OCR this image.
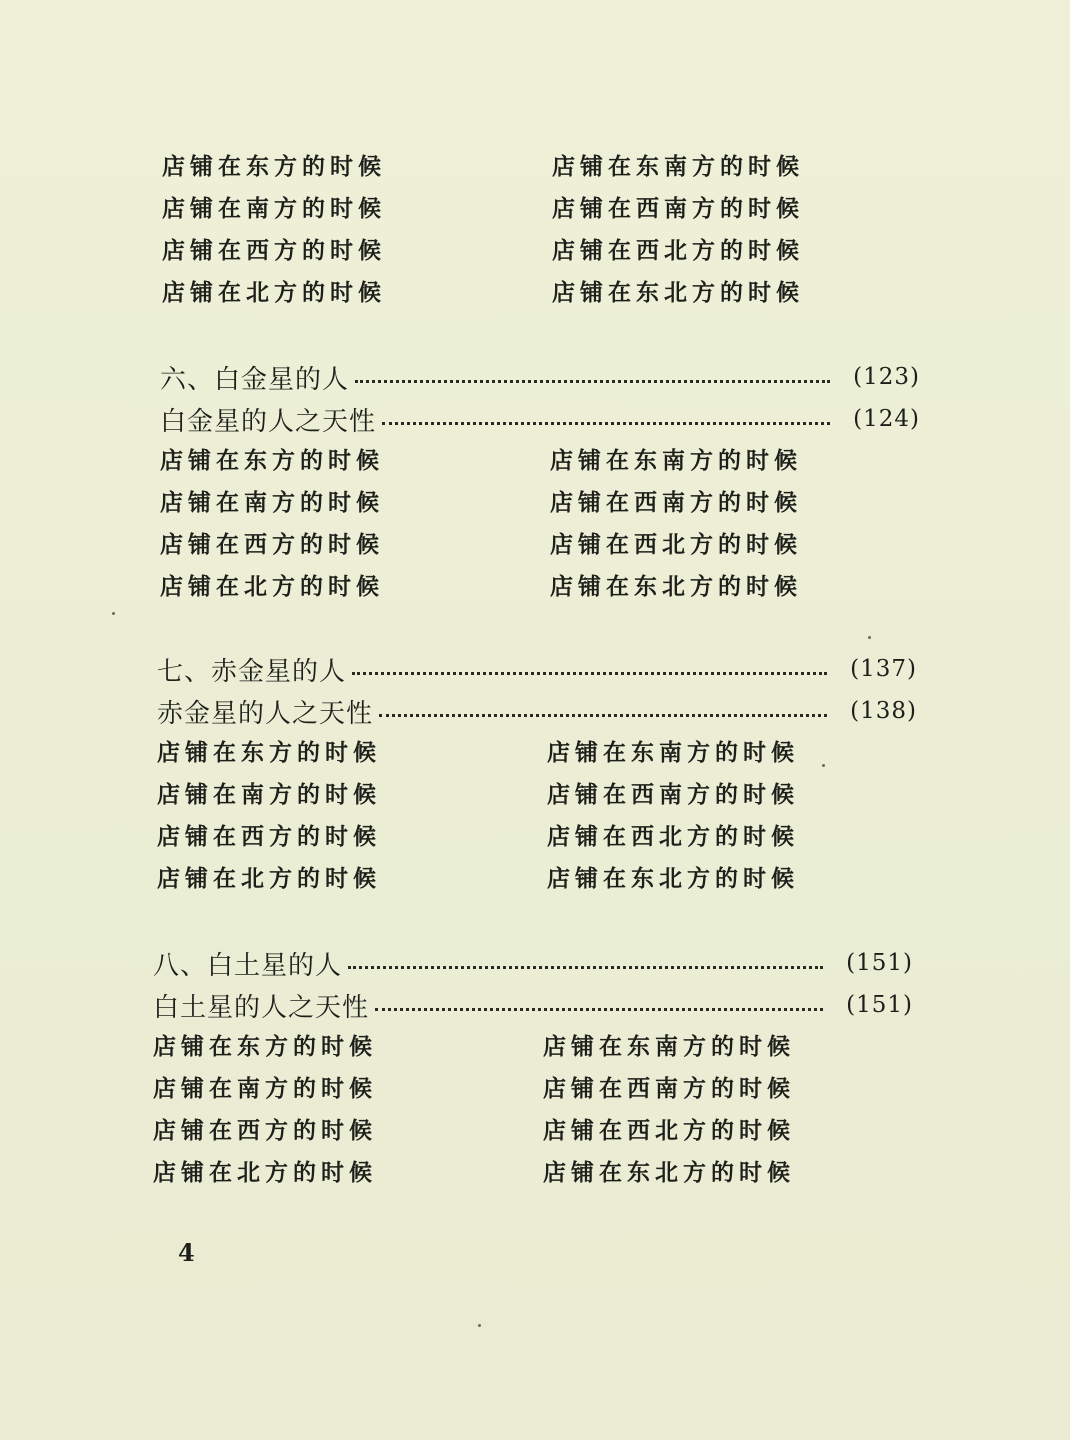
店铺在东方的时候	店铺在东南方的时候
店铺在南方的时候	店铺在西南方的时候
店铺在西方的时候	店铺在西北方的时候
店铺在北方的时候	店铺在东北方的时候
六、白金星的人	(123)
白金星的人之天性	(124)
店铺在东方的时候	店铺在东南方的时候
店铺在南方的时候	店铺在西南方的时候
店铺在西方的时候	店铺在西北方的时候
店铺在北方的时候	店铺在东北方的时候
七、赤金星的人	(137)
赤金星的人之天性	(138)
店铺在东方的时候	店铺在东南方的时候
店铺在南方的时候	店铺在西南方的时候
店铺在西方的时候	店铺在西北方的时候
店铺在北方的时候	店铺在东北方的时候
八、白土星的人	(151)
白土星的人之天性	(151)
店铺在东方的时候	店铺在东南方的时候
店铺在南方的时候	店铺在西南方的时候
店铺在西方的时候	店铺在西北方的时候
店铺在北方的时候	店铺在东北方的时候
4
